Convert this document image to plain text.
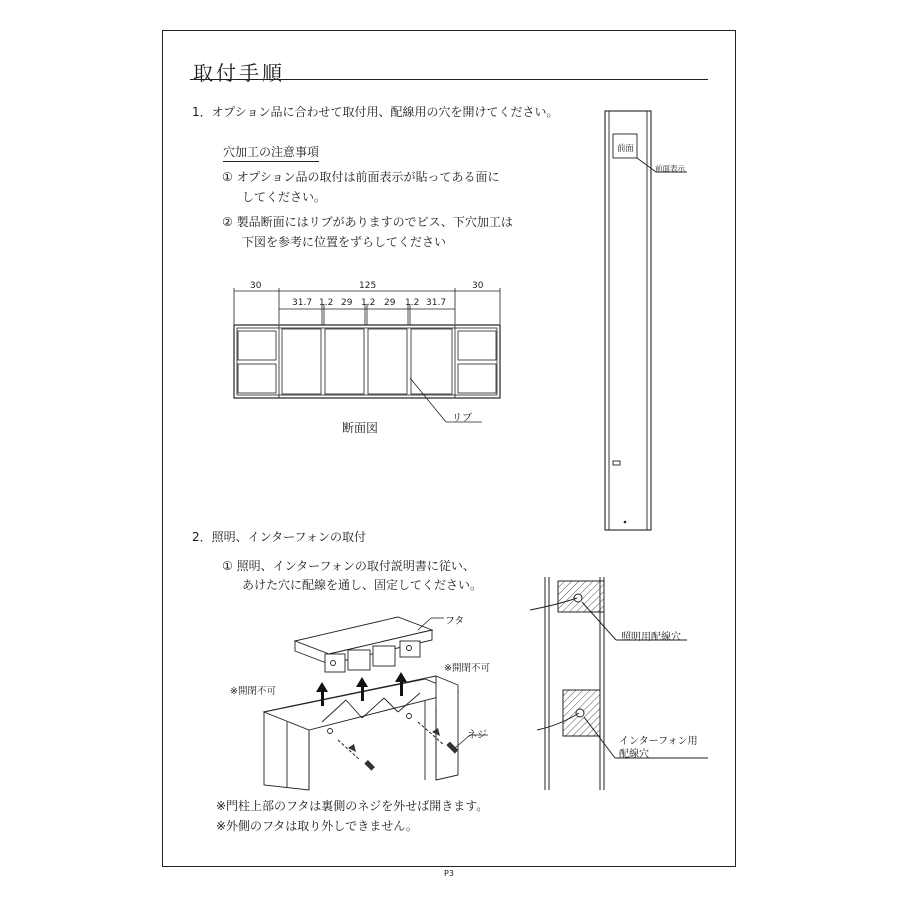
取付手順
1．オプション品に合わせて取付用、配線用の穴を開けてください。
穴加工の注意事項
① オプション品の取付は前面表示が貼ってある面に
してください。
② 製品断面にはリブがありますのでビス、下穴加工は
下図を参考に位置をずらしてください
30	125	30
31.7 1.2 29 1.2 29 1.2 31.7
リブ
断面図
前面
前面表示
2．照明、インターフォンの取付
① 照明、インターフォンの取付説明書に従い、
あけた穴に配線を通し、固定してください。
フタ
※開閉不可
※開閉不可
ネジ
照明用配線穴
インターフォン用
配線穴
※門柱上部のフタは裏側のネジを外せば開きます。
※外側のフタは取り外しできません。
P3
